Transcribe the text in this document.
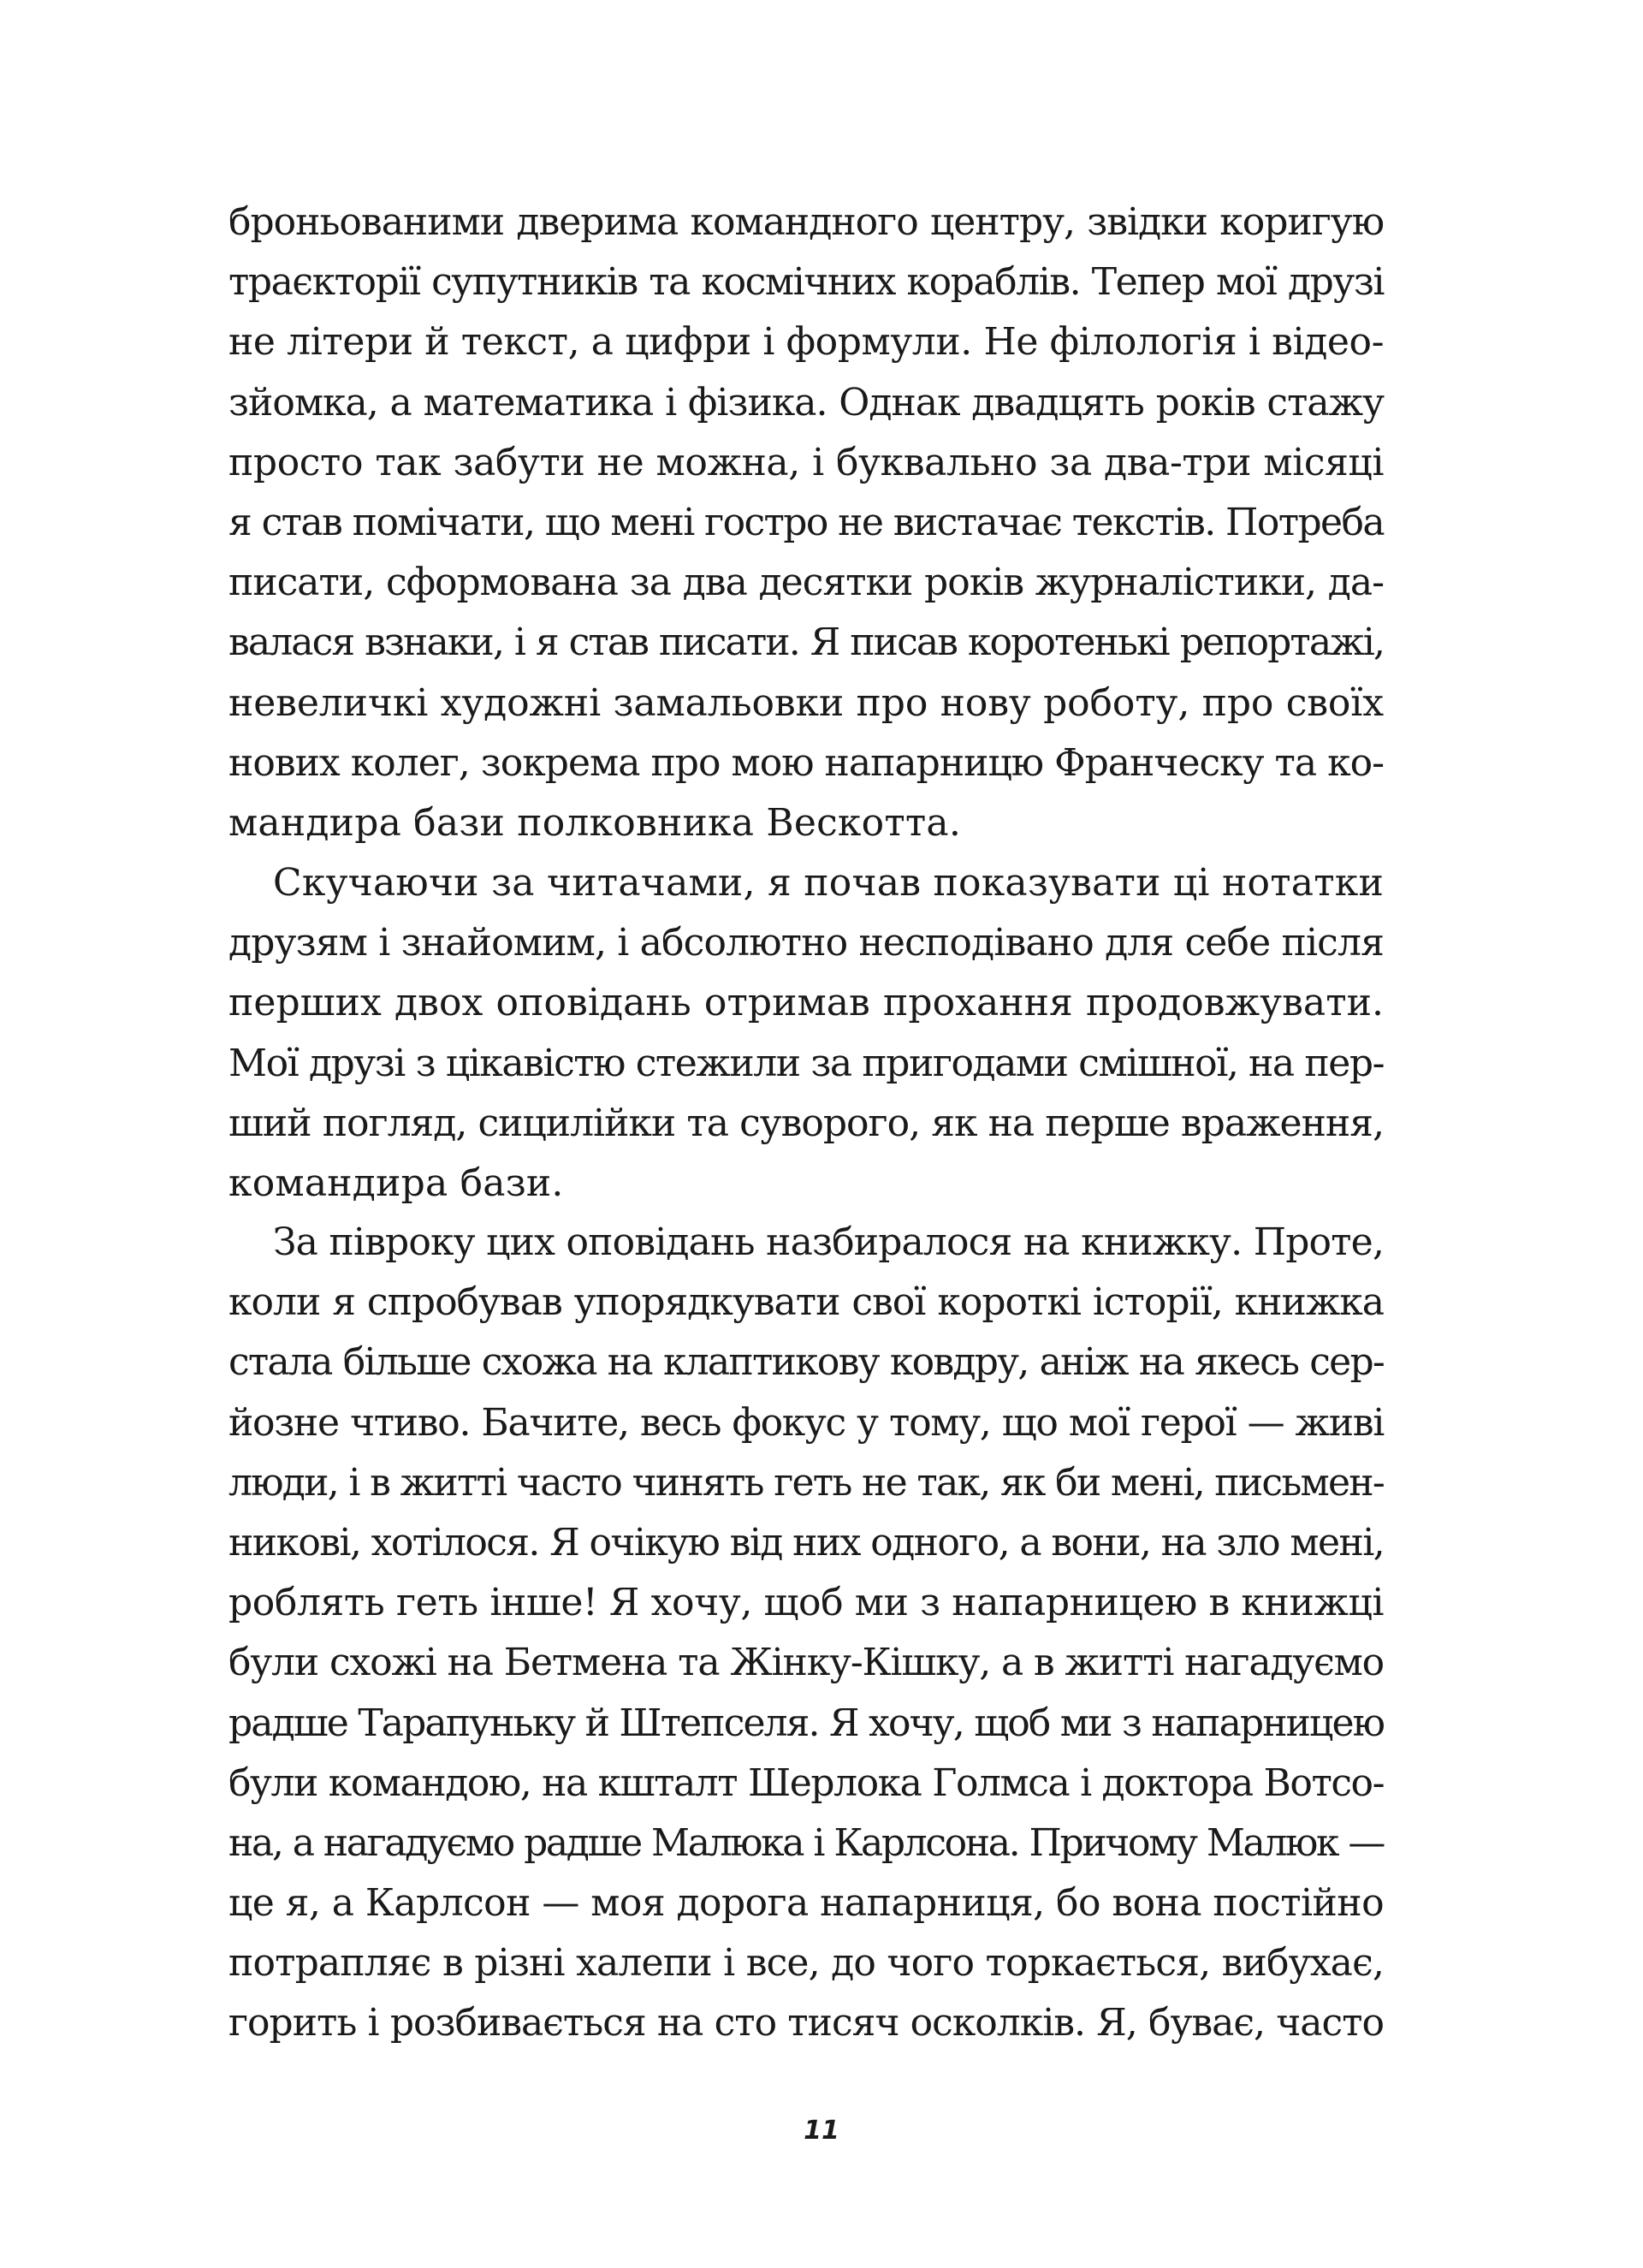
броньованими дверима командного центру, звідки коригую
траєкторії супутників та космічних кораблів. Тепер мої друзі
не літери й текст, а цифри і формули. Не філологія і відео-
зйомка, а математика і фізика. Однак двадцять років стажу
просто так забути не можна, і буквально за два-три місяці
я став помічати, що мені гостро не вистачає текстів. Потреба
писати, сформована за два десятки років журналістики, да-
валася взнаки, і я став писати. Я писав коротенькі репортажі,
невеличкі художні замальовки про нову роботу, про своїх
нових колег, зокрема про мою напарницю Франческу та ко-
мандира бази полковника Вескотта.
Скучаючи за читачами, я почав показувати ці нотатки
друзям і знайомим, і абсолютно несподівано для себе після
перших двох оповідань отримав прохання продовжувати.
Мої друзі з цікавістю стежили за пригодами смішної, на пер-
ший погляд, сицилійки та суворого, як на перше враження,
командира бази.
За півроку цих оповідань назбиралося на книжку. Проте,
коли я спробував упорядкувати свої короткі історії, книжка
стала більше схожа на клаптикову ковдру, аніж на якесь сер-
йозне чтиво. Бачите, весь фокус у тому, що мої герої — живі
люди, і в житті часто чинять геть не так, як би мені, письмен-
никові, хотілося. Я очікую від них одного, а вони, на зло мені,
роблять геть інше! Я хочу, щоб ми з напарницею в книжці
були схожі на Бетмена та Жінку-Кішку, а в житті нагадуємо
радше Тарапуньку й Штепселя. Я хочу, щоб ми з напарницею
були командою, на кшталт Шерлока Голмса і доктора Вотсо-
на, а нагадуємо радше Малюка і Карлсона. Причому Малюк —
це я, а Карлсон — моя дорога напарниця, бо вона постійно
потрапляє в різні халепи і все, до чого торкається, вибухає,
горить і розбивається на сто тисяч осколків. Я, буває, часто
11
